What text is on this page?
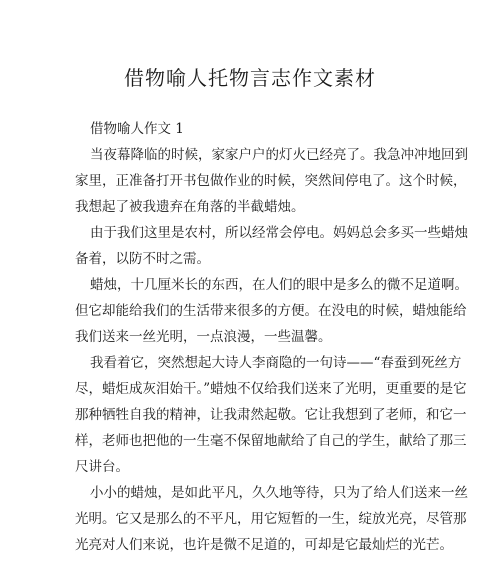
借物喻人托物言志作文素材

借物喻人作文 1

当夜幕降临的时候，家家户户的灯火已经亮了。我急冲冲地回到
家里，正准备打开书包做作业的时候，突然间停电了。这个时候，
我想起了被我遗弃在角落的半截蜡烛。

由于我们这里是农村，所以经常会停电。妈妈总会多买一些蜡烛
备着，以防不时之需。

蜡烛，十几厘米长的东西，在人们的眼中是多么的微不足道啊。
但它却能给我们的生活带来很多的方便。在没电的时候，蜡烛能给
我们送来一丝光明，一点浪漫，一些温馨。

我看着它，突然想起大诗人李商隐的一句诗——“春蚕到死丝方
尽，蜡炬成灰泪始干。”蜡烛不仅给我们送来了光明，更重要的是它
那种牺牲自我的精神，让我肃然起敬。它让我想到了老师，和它一
样，老师也把他的一生毫不保留地献给了自己的学生，献给了那三
尺讲台。

小小的蜡烛，是如此平凡，久久地等待，只为了给人们送来一丝
光明。它又是那么的不平凡，用它短暂的一生，绽放光亮，尽管那
光亮对人们来说，也许是微不足道的，可却是它最灿烂的光芒。
